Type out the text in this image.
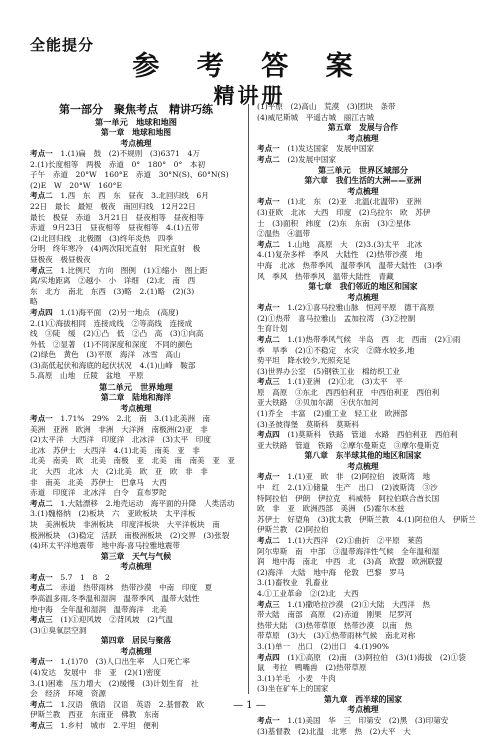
全能提分
参 考 答 案
精讲册
第一部分　聚焦考点　精讲巧练
第一单元　地球和地图
第一章　地球和地图
考点梳理
考点一　 1.(1)扁　鼓　(2)不规则　(3)6371　4万
2.(1)长度相等　两极　赤道　0°　180°　0°　本初
子午　赤道　20°W　160°E　赤道　30°N(S)、60°N(S)
(2)E　W　20°W　160°E
考点二　 1.西　东　西　东　昼夜　3.北回归线　6月
22日　最长　最短　极夜　南回归线　12月22日
最长　极昼　赤道　3月21日　昼夜相等　昼夜相等
赤道　9月23日　昼夜相等　昼夜相等　4.(1)五带
(2)北回归线　北极圈　(3)终年炎热　四季
分明　终年寒冷　(4)两次阳光直射　阳光直射　极
昼极夜　极昼极夜
考点三　 1.比例尺　方向　图例　(1)①缩小　图上距
离/实地距离　②越小　小　详细　(2)北　南　西
东　北方　南北　东西　(3)略　2.(1)略　(2)(3)
略
考点四　 1.(1)海平面　(2)另一地点　(高度)
2.(1)①海拔相同　连接成线　②等高线　连接成
线　③陡　缓　(2)①凸　低　②凸　高　(3)①向高
外低　②显著　(1)不同深度和深度　不同的颜色
(2)绿色　黄色　(3)平原　海洋　冰雪　高山
(3)高低起伏和海底的起伏状况　4.(1)山峰　鞍部
5.高原　山地　丘陵　盆地　平原
第二单元　世界地理
第二章　陆地和海洋
考点梳理
考点一　 1.71%　29%　2.北　南　3.(1)北美洲　南
美洲　亚洲　欧洲　非洲　大洋洲　南极洲(2)亚　非
(2)太平洋　大西洋　印度洋　北冰洋　(3)太平　印度
北冰　苏伊士　大西洋　4.(1)北美　南美　亚　非
北美　南美　欧　北美　南极　亚　北美　南　南美　亚　亚
北　大西　北冰　大　(2)北美　欧　亚　欧　非　非
非　南美　北美　苏伊士　巴拿马　大西
赤道　印度洋　北冰洋　白令　直布罗陀
考点二　 1.大陆漂移　2.地壳运动　海平面的升降　人类活动
3.(1)魏格纳　(2)板块　六　亚欧板块　太平洋板
块　美洲板块　非洲板块　印度洋板块　大平洋板块　南
极洲板块　(3)稳定　活跃　南极洲板块　(2)交界　(3)张裂
(4)环太平洋地震带　地中海-喜马拉雅地震带
第三章　天气与气候
考点梳理
考点一　 5.7　1　8　2
考点二　 赤道　热带雨林　热带沙漠　中南　印度　夏
季高温多雨,冬季温和湿润　温带季风　温带大陆性
地中海　全年温和湿润　温带海洋　北美
考点三　 (1)①迎风坡　②背风坡　(2)气温
(3)①臭氧层空洞
第四章　居民与聚落
考点梳理
考点一　 1.(1)70　(3)人口出生率　人口死亡率
(4)发达　发展中　非　亚　(2)(1)密度
3.(1)困难　压力增大　(2)缓慢　(3)计划生育　社
会　经济　环境　资源
考点二　 1.汉语　俄语　汉语　英语　2.基督教　欧
伊斯兰教　西亚　东南亚　佛教　东南
考点三　 1.乡村　城市　2.平坦　便利
(1)平原　(2)高山　荒漠　(3)团块　条带
(4)威尼斯城　平遥古城　丽江古城
第五章　发展与合作
考点梳理
考点一　 (1)发达国家　发展中国家
考点二　 (2)发展中国家
第三单元　世界区域部分
第六章　我们生活的大洲——亚洲
考点梳理
考点一　 (1)北　东　(2)亚　北温(北温带)　亚洲
(3)亚欧　北冰　大西　印度　(2)乌拉尔　欧　苏伊
士　(3)面积　纬度　(2)东　东南　(3)②星体
②温热　④温带
考点二　 1.山地　高原　大　(2)3.(3)太平　北冰
4.(1)复杂多样　季风　大陆性　(2)热带沙漠　地
中海　北冰　热带季风　温带季风　温带大陆性　(3)季
风　季风　热带季风　温带大陆性　青藏
第七章　我们邻近的地区和国家
考点梳理
考点一　 1.(2)①喜马拉雅山脉　恒河平原　德干高原
(2)①热带　喜马拉雅山　孟加拉湾　(3)②控制
生育计划
考点二　 1.(1)热带季风气候　半岛　西　北　西南　(2)①雨
季　旱季　(2)①不稳定　水灾　②降水较多,地
势平坦　降水较少,光照充足
(3)世界办公室　(5)钢铁工业　棉纺织工业
考点三　 1.(1)亚洲　(2)①北　(3)太平　平
原　高原　③东北　西西伯利亚　中西伯利亚　西伯利
亚大铁路　③贝加尔湖　④伏尔加河
(1)乔全　丰富　(2)重工业　轻工业　欧洲部
(3)圣彼得堡　莫斯科　莫斯科
考点四　 (1)莫斯科　铁路　管道　水路　西伯利亚　西伯利
亚大铁路　管道　铁路　②摩尔曼斯克　③摩尔曼斯克
第八章　东半球其他的地区和国家
考点梳理
考点一　 1.(1)亚　欧　非　(2)阿拉伯　波斯湾　地
中　红　2.(1)①储量　生产　出口　(2)波斯湾　③沙
特阿拉伯　伊朗　伊拉克　科威特　阿拉伯联合酋长国
欧　非　亚　欧洲西部　美洲　(5)霍尔木兹
苏伊士　好望角　(3)犹太教　伊斯兰教　4.(1)阿拉伯人　伊斯兰
伊斯兰教　(2)阿拉伯
考点二　 1.(1)大西洋　(2)①曲折　②平原　莱茵
阿尔卑斯　南　中部　③温带海洋性气候　全年温和湿
润　地中海　南北　中西　北　(3)高　欧盟　欧洲联盟
(2)海洋　大陆　地中海　伦敦　巴黎　罗马
3.(1)畜牧业　乳畜业
4.①工业革命　②(2)北　大西
考点三　 1.(1)撒哈拉沙漠　(2)①大陆　大西洋　热
带大陆　南部　高原　(2)赤道　刚果　尼罗河
热带大陆　(3)热带草原　热带沙漠　以南　热
带草原　(3)大　(3)①热带雨林气候　南北对称
3.(1)单一　出口　(2)出口　4.(1)90%
考点四　 (1)①高原　(2)南　(3)阿拉伯　(3)(1)海拔　(2)①袋
鼠　考拉　鸭嘴兽　(2)热带草原
3.(1)羊毛　小麦　牛肉
(3)坐在矿车上的国家
第九章　西半球的国家
考点梳理
考点一　 1.(1)美国　华　三　印第安　(2)黑　(3)印第安
(3)基督教　(2)北温　北寒　热　(2)大平　大
— 1 —
